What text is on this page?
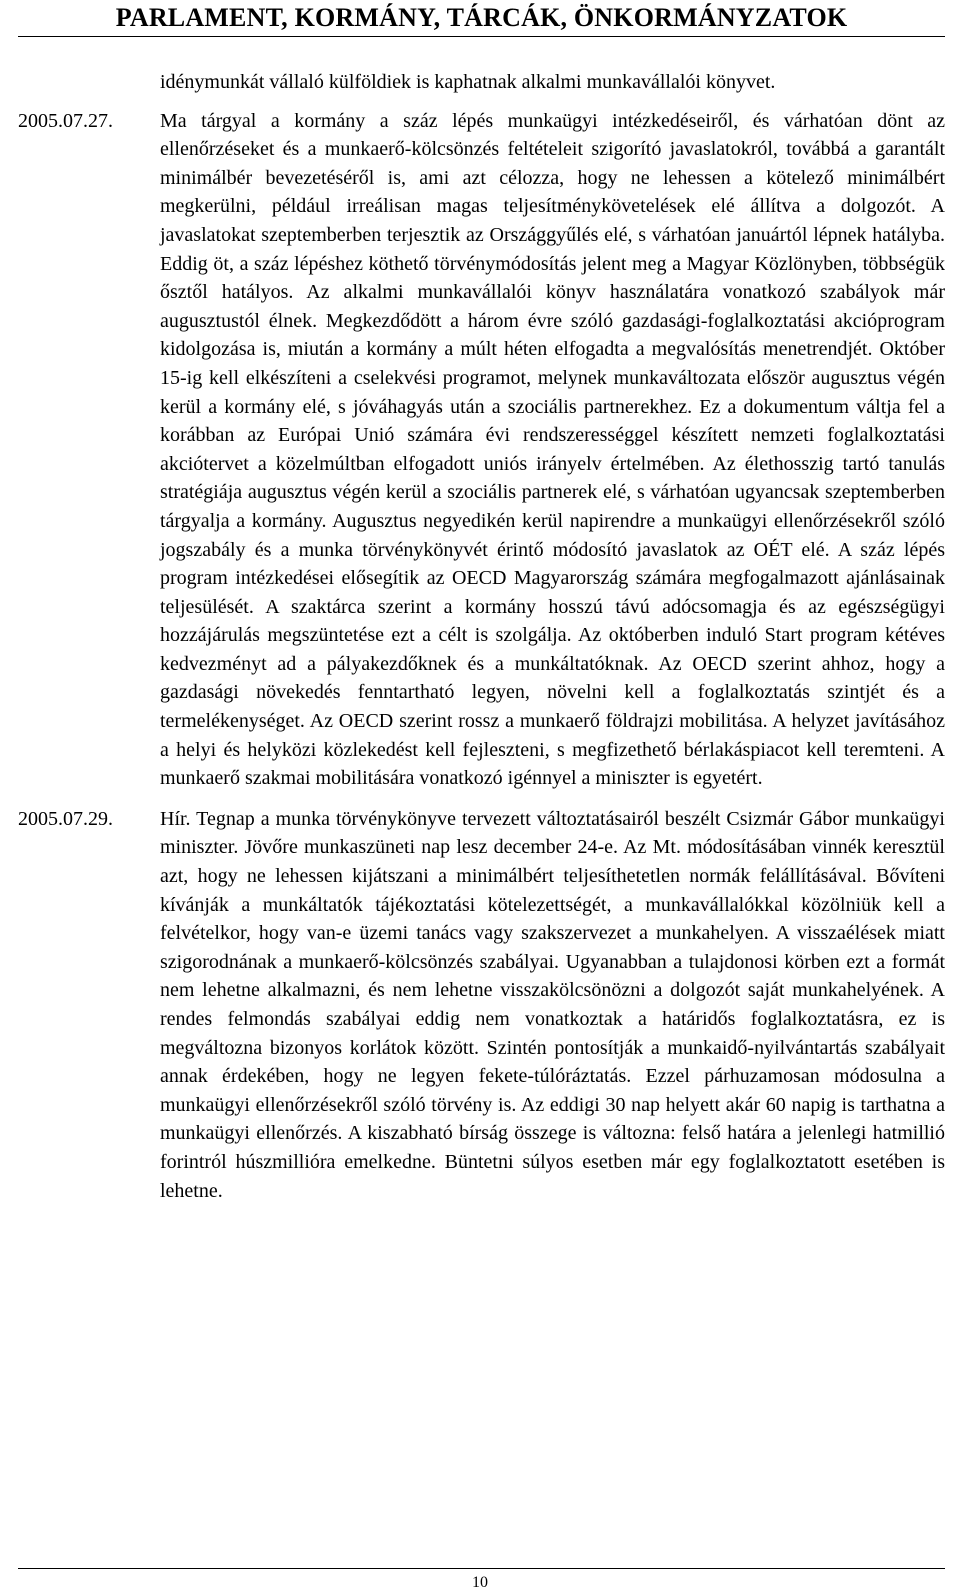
PARLAMENT, KORMÁNY, TÁRCÁK, ÖNKORMÁNYZATOK
idénymunkát vállaló külföldiek is kaphatnak alkalmi munkavállalói könyvet.
2005.07.27.	Ma tárgyal a kormány a száz lépés munkaügyi intézkedéseiről, és várhatóan dönt az ellenőrzéseket és a munkaerő-kölcsönzés feltételeit szigorító javaslatokról, továbbá a garantált minimálbér bevezetéséről is, ami azt célozza, hogy ne lehessen a kötelező minimálbért megkerülni, például irreálisan magas teljesítménykövetelések elé állítva a dolgozót. A javaslatokat szeptemberben terjesztik az Országgyűlés elé, s várhatóan januártól lépnek hatályba. Eddig öt, a száz lépéshez köthető törvénymódosítás jelent meg a Magyar Közlönyben, többségük ősztől hatályos. Az alkalmi munkavállalói könyv használatára vonatkozó szabályok már augusztustól élnek. Megkezdődött a három évre szóló gazdasági-foglalkoztatási akcióprogram kidolgozása is, miután a kormány a múlt héten elfogadta a megvalósítás menetrendjét. Október 15-ig kell elkészíteni a cselekvési programot, melynek munkaváltozata először augusztus végén kerül a kormány elé, s jóváhagyás után a szociális partnerekhez. Ez a dokumentum váltja fel a korábban az Európai Unió számára évi rendszerességgel készített nemzeti foglalkoztatási akciótervet a közelmúltban elfogadott uniós irányelv értelmében. Az élethosszig tartó tanulás stratégiája augusztus végén kerül a szociális partnerek elé, s várhatóan ugyancsak szeptemberben tárgyalja a kormány. Augusztus negyedikén kerül napirendre a munkaügyi ellenőrzésekről szóló jogszabály és a munka törvénykönyvét érintő módosító javaslatok az OÉT elé. A száz lépés program intézkedései elősegítik az OECD Magyarország számára megfogalmazott ajánlásainak teljesülését. A szaktárca szerint a kormány hosszú távú adócsomagja és az egészségügyi hozzájárulás megszüntetése ezt a célt is szolgálja. Az októberben induló Start program kétéves kedvezményt ad a pályakezdőknek és a munkáltatóknak. Az OECD szerint ahhoz, hogy a gazdasági növekedés fenntartható legyen, növelni kell a foglalkoztatás szintjét és a termelékenységet. Az OECD szerint rossz a munkaerő földrajzi mobilitása. A helyzet javításához a helyi és helyközi közlekedést kell fejleszteni, s megfizethető bérlakáspiacot kell teremteni. A munkaerő szakmai mobilitására vonatkozó igénnyel a miniszter is egyetért.
2005.07.29.	Hír. Tegnap a munka törvénykönyve tervezett változtatásairól beszélt Csizmár Gábor munkaügyi miniszter. Jövőre munkaszüneti nap lesz december 24-e. Az Mt. módosításában vinnék keresztül azt, hogy ne lehessen kijátszani a minimálbért teljesíthetetlen normák felállításával. Bővíteni kívánják a munkáltatók tájékoztatási kötelezettségét, a munkavállalókkal közölniük kell a felvételkor, hogy van-e üzemi tanács vagy szakszervezet a munkahelyen. A visszaélések miatt szigorodnának a munkaerő-kölcsönzés szabályai. Ugyanabban a tulajdonosi körben ezt a formát nem lehetne alkalmazni, és nem lehetne visszakölcsönözni a dolgozót saját munkahelyének. A rendes felmondás szabályai eddig nem vonatkoztak a határidős foglalkoztatásra, ez is megváltozna bizonyos korlátok között. Szintén pontosítják a munkaidő-nyilvántartás szabályait annak érdekében, hogy ne legyen fekete-túlóráztatás. Ezzel párhuzamosan módosulna a munkaügyi ellenőrzésekről szóló törvény is. Az eddigi 30 nap helyett akár 60 napig is tarthatna a munkaügyi ellenőrzés. A kiszabható bírság összege is változna: felső határa a jelenlegi hatmillió forintról húszmillióra emelkedne. Büntetni súlyos esetben már egy foglalkoztatott esetében is lehetne.
10
